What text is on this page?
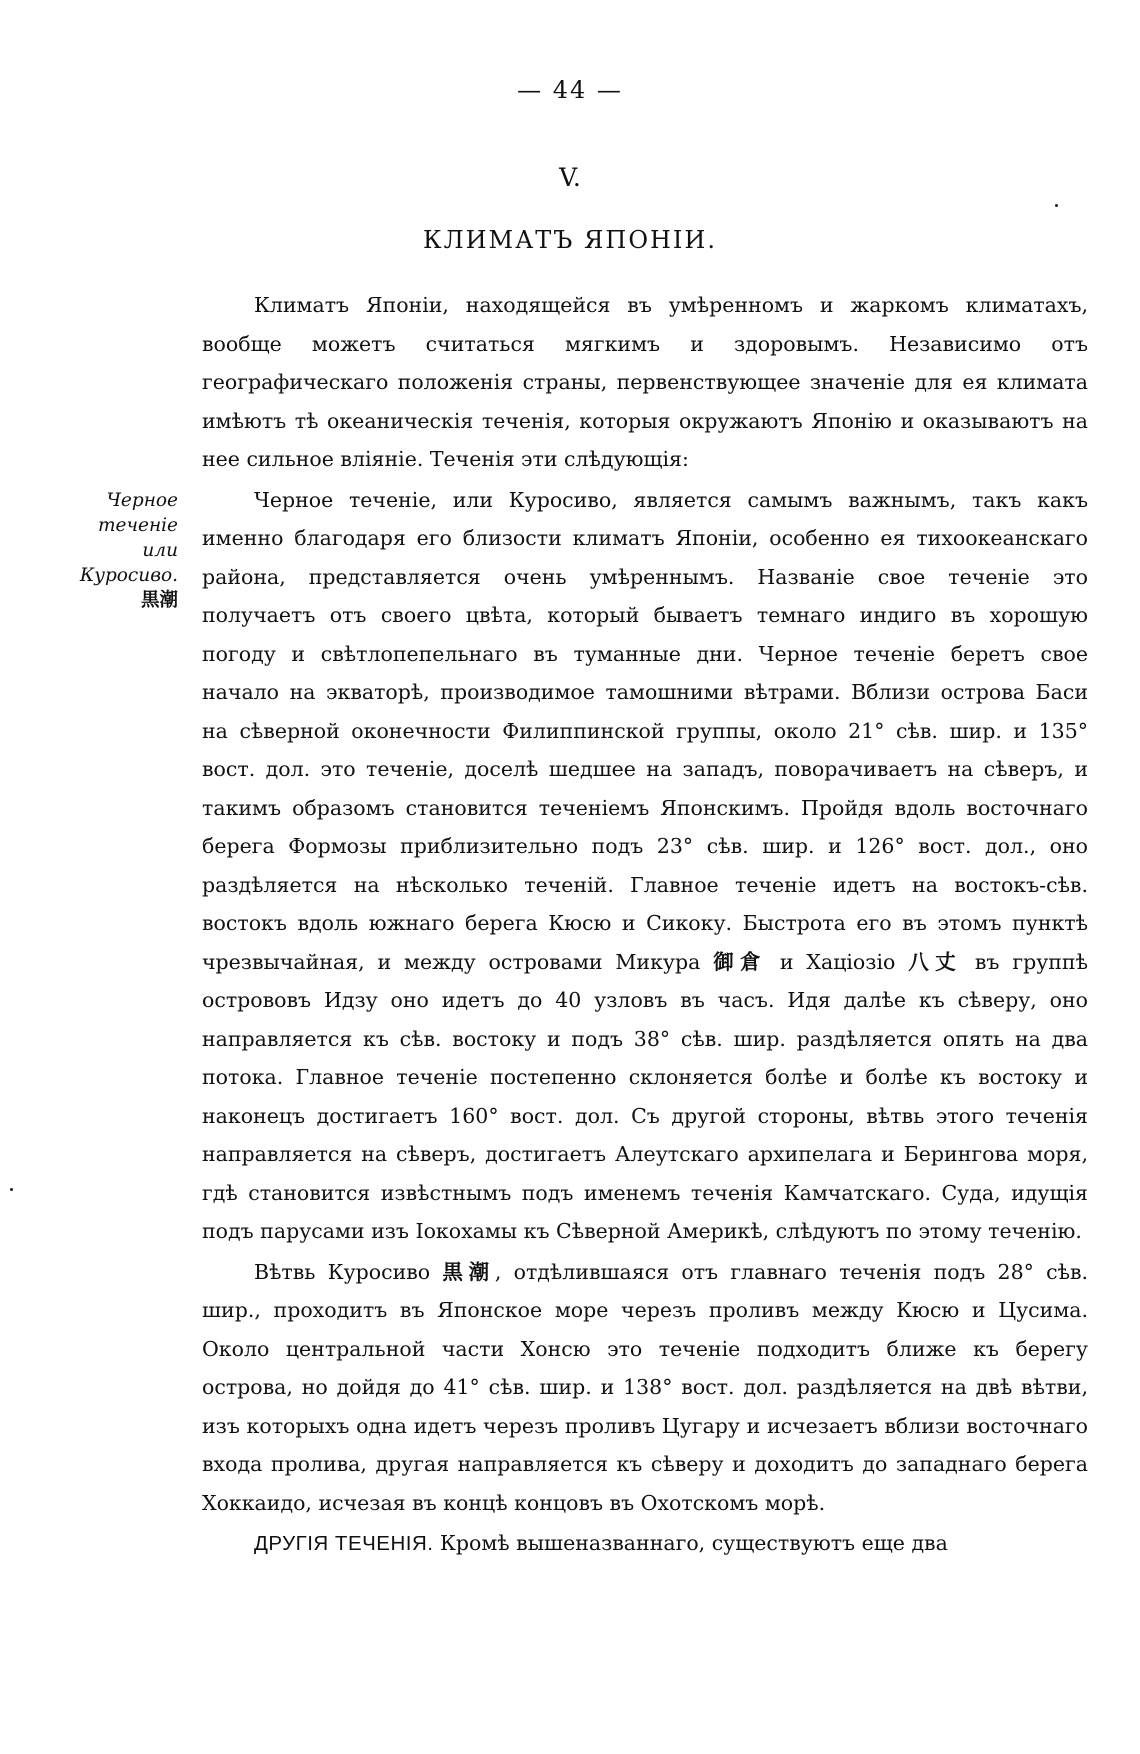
— 44 —
V.
КЛИМАТЪ ЯПОНІИ.
Черное
теченіе или
Куросиво.
黒潮

Климатъ Японіи, находящейся въ умѣренномъ и жаркомъ климатахъ, вообще можетъ считаться мягкимъ и здоровымъ. Независимо отъ географическаго положенія страны, первенствующее значеніе для ея климата имѣютъ тѣ океаническія теченія, которыя окружаютъ Японію и оказываютъ на нее сильное вліяніе. Теченія эти слѣдующія:

Черное теченіе, или Куросиво, является самымъ важнымъ, такъ какъ именно благодаря его близости климатъ Японіи, особенно ея тихоокеанскаго района, представляется очень умѣреннымъ. Названіе свое теченіе это получаетъ отъ своего цвѣта, который бываетъ темнаго индиго въ хорошую погоду и свѣтлопепельнаго въ туманные дни. Черное теченіе беретъ свое начало на экваторѣ, производимое тамошними вѣтрами. Вблизи острова Баси на сѣверной оконечности Филиппинской группы, около 21° сѣв. шир. и 135° вост. дол. это теченіе, доселѣ шедшее на западъ, поворачиваетъ на сѣверъ, и такимъ образомъ становится теченіемъ Японскимъ. Пройдя вдоль восточнаго берега Формозы приблизительно подъ 23° сѣв. шир. и 126° вост. дол., оно раздѣляется на нѣсколько теченій. Главное теченіе идетъ на востокъ-сѣв. востокъ вдоль южнаго берега Кюсю и Сикоку. Быстрота его въ этомъ пунктѣ чрезвычайная, и между островами Микура 御倉 и Хацiозiо 八丈 въ группѣ острововъ Идзу оно идетъ до 40 узловъ въ часъ. Идя далѣе къ сѣверу, оно направляется къ сѣв. востоку и подъ 38° сѣв. шир. раздѣляется опять на два потока. Главное теченіе постепенно склоняется болѣе и болѣе къ востоку и наконецъ достигаетъ 160° вост. дол. Съ другой стороны, вѣтвь этого теченія направляется на сѣверъ, достигаетъ Алеутскаго архипелага и Берингова моря, гдѣ становится извѣстнымъ подъ именемъ теченія Камчатскаго. Суда, идущія подъ парусами изъ Іокохамы къ Сѣверной Америкѣ, слѣдуютъ по этому теченію.

Вѣтвь Куросиво 黒潮, отдѣлившаяся отъ главнаго теченія подъ 28° сѣв. шир., проходитъ въ Японское море черезъ проливъ между Кюсю и Цусима. Около центральной части Хонсю это теченіе подходитъ ближе къ берегу острова, но дойдя до 41° сѣв. шир. и 138° вост. дол. раздѣляется на двѣ вѣтви, изъ которыхъ одна идетъ черезъ проливъ Цугару и исчезаетъ вблизи восточнаго входа пролива, другая направляется къ сѣверу и доходитъ до западнаго берега Хоккаидо, исчезая въ концѣ концовъ въ Охотскомъ морѣ.

ДРУГІЯ ТЕЧЕНІЯ. Кромѣ вышеназваннаго, существуютъ еще два
